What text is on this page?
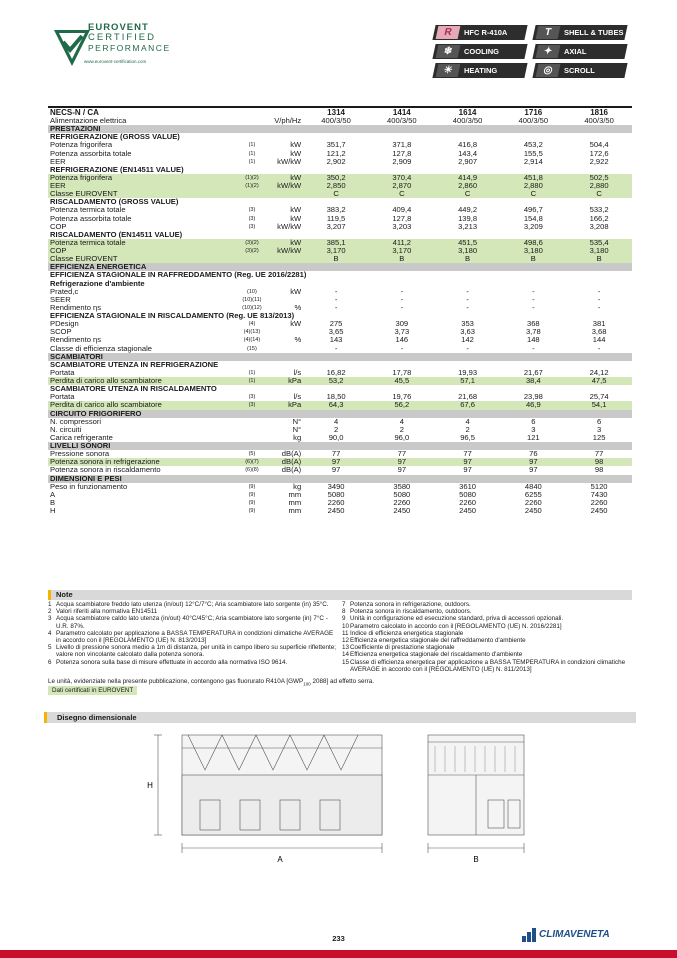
EUROVENT
CERTIFIED
PERFORMANCE
www.eurovent-certification.com
R	HFC R-410A	T	SHELL & TUBES
❄	COOLING	✦	AXIAL
☀	HEATING	◎	SCROLL
NECS-N / CA			1314	1414	1614	1716	1816
Alimentazione elettrica		V/ph/Hz	400/3/50	400/3/50	400/3/50	400/3/50	400/3/50
PRESTAZIONI							
REFRIGERAZIONE (GROSS VALUE)							
Potenza frigorifera	(1)	kW	351,7	371,8	416,8	453,2	504,4
Potenza assorbita totale	(1)	kW	121,2	127,8	143,4	155,5	172,6
EER	(1)	kW/kW	2,902	2,909	2,907	2,914	2,922
REFRIGERAZIONE (EN14511 VALUE)							
Potenza frigorifera	(1)(2)	kW	350,2	370,4	414,9	451,8	502,5
EER	(1)(2)	kW/kW	2,850	2,870	2,860	2,880	2,880
Classe EUROVENT			C	C	C	C	C
RISCALDAMENTO (GROSS VALUE)							
Potenza termica totale	(3)	kW	383,2	409,4	449,2	496,7	533,2
Potenza assorbita totale	(3)	kW	119,5	127,8	139,8	154,8	166,2
COP	(3)	kW/kW	3,207	3,203	3,213	3,209	3,208
RISCALDAMENTO (EN14511 VALUE)							
Potenza termica totale	(3)(2)	kW	385,1	411,2	451,5	498,6	535,4
COP	(3)(2)	kW/kW	3,170	3,170	3,180	3,180	3,180
Classe EUROVENT			B	B	B	B	B
EFFICIENZA ENERGETICA							
EFFICIENZA STAGIONALE IN RAFFREDDAMENTO (Reg. UE 2016/2281)							
Refrigerazione d'ambiente							
Prated,c	(10)	kW	-	-	-	-	-
SEER	(10)(11)		-	-	-	-	-
Rendimento ηs	(10)(12)	%	-	-	-	-	-
EFFICIENZA STAGIONALE IN RISCALDAMENTO (Reg. UE 813/2013)							
PDesign	(4)	kW	275	309	353	368	381
SCOP	(4)(13)		3,65	3,73	3,63	3,78	3,68
Rendimento ηs	(4)(14)	%	143	146	142	148	144
Classe di efficienza stagionale	(15)		-	-	-	-	-
SCAMBIATORI							
SCAMBIATORE UTENZA IN REFRIGERAZIONE							
Portata	(1)	l/s	16,82	17,78	19,93	21,67	24,12
Perdita di carico allo scambiatore	(1)	kPa	53,2	45,5	57,1	38,4	47,5
SCAMBIATORE UTENZA IN RISCALDAMENTO							
Portata	(3)	l/s	18,50	19,76	21,68	23,98	25,74
Perdita di carico allo scambiatore	(3)	kPa	64,3	56,2	67,6	46,9	54,1
CIRCUITO FRIGORIFERO							
N. compressori		N°	4	4	4	6	6
N. circuiti		N°	2	2	2	3	3
Carica refrigerante		kg	90,0	96,0	96,5	121	125
LIVELLI SONORI							
Pressione sonora	(5)	dB(A)	77	77	77	76	77
Potenza sonora in refrigerazione	(6)(7)	dB(A)	97	97	97	97	98
Potenza sonora in riscaldamento	(6)(8)	dB(A)	97	97	97	97	98
DIMENSIONI E PESI							
Peso in funzionamento	(9)	kg	3490	3580	3610	4840	5120
A	(9)	mm	5080	5080	5080	6255	7430
B	(9)	mm	2260	2260	2260	2260	2260
H	(9)	mm	2450	2450	2450	2450	2450
Note
1 Acqua scambiatore freddo lato utenza (in/out) 12°C/7°C; Aria scambiatore lato sorgente (in) 35°C.
2 Valori riferiti alla normativa EN14511
3 Acqua scambiatore caldo lato utenza (in/out) 40°C/45°C; Aria scambiatore lato sorgente (in) 7°C - U.R. 87%.
4 Parametro calcolato per applicazione a BASSA TEMPERATURA in condizioni climatiche AVERAGE in accordo con il [REGOLAMENTO (UE) N. 813/2013]
5 Livello di pressione sonora medio a 1m di distanza, per unità in campo libero su superficie riflettente; valore non vincolante calcolato dalla potenza sonora.
6 Potenza sonora sulla base di misure effettuate in accordo alla normativa ISO 9614.
7 Potenza sonora in refrigerazione, outdoors.
8 Potenza sonora in riscaldamento, outdoors.
9 Unità in configurazione ed esecuzione standard, priva di accessori opzionali.
10 Parametro calcolato in accordo con il [REGOLAMENTO (UE) N. 2016/2281]
11 Indice di efficienza energetica stagionale
12 Efficienza energetica stagionale del raffreddamento d'ambiente
13 Coefficiente di prestazione stagionale
14 Efficienza energetica stagionale del riscaldamento d'ambiente
15 Classe di efficienza energetica per applicazione a BASSA TEMPERATURA in condizioni climatiche AVERAGE in accordo con il [REGOLAMENTO (UE) N. 811/2013]
Le unità, evidenziate nella presente pubblicazione, contengono gas fluorurato R410A [$GWP_{100}$ 2088] ad effetto serra.
Dati certificati in EUROVENT
Disegno dimensionale
A	B
H
233	CLIMAVENETA
